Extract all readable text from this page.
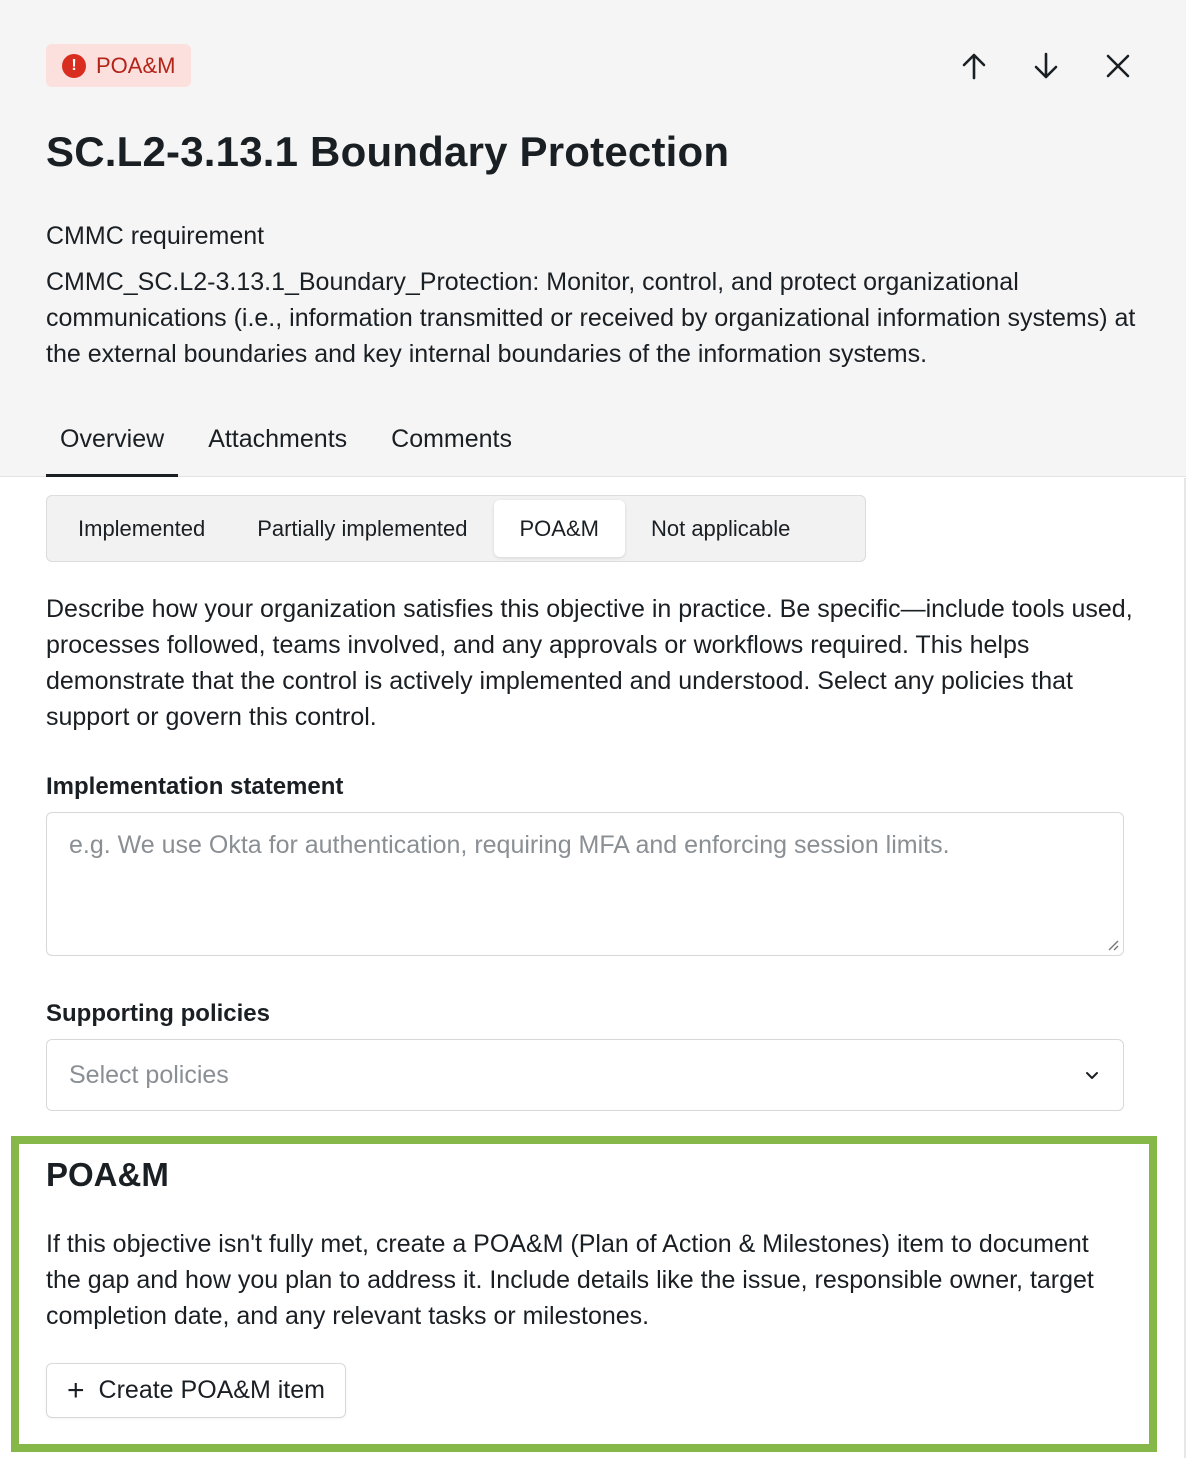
! POA&M
SC.L2-3.13.1 Boundary Protection
CMMC requirement
CMMC_SC.L2-3.13.1_Boundary_Protection: Monitor, control, and protect organizational communications (i.e., information transmitted or received by organizational information systems) at the external boundaries and key internal boundaries of the information systems.
Overview	Attachments	Comments
Implemented	Partially implemented	POA&M	Not applicable
Describe how your organization satisfies this objective in practice. Be specific—include tools used, processes followed, teams involved, and any approvals or workflows required. This helps demonstrate that the control is actively implemented and understood. Select any policies that support or govern this control.
Implementation statement
e.g. We use Okta for authentication, requiring MFA and enforcing session limits.
Supporting policies
Select policies
POA&M
If this objective isn't fully met, create a POA&M (Plan of Action & Milestones) item to document the gap and how you plan to address it. Include details like the issue, responsible owner, target completion date, and any relevant tasks or milestones.
+ Create POA&M item
